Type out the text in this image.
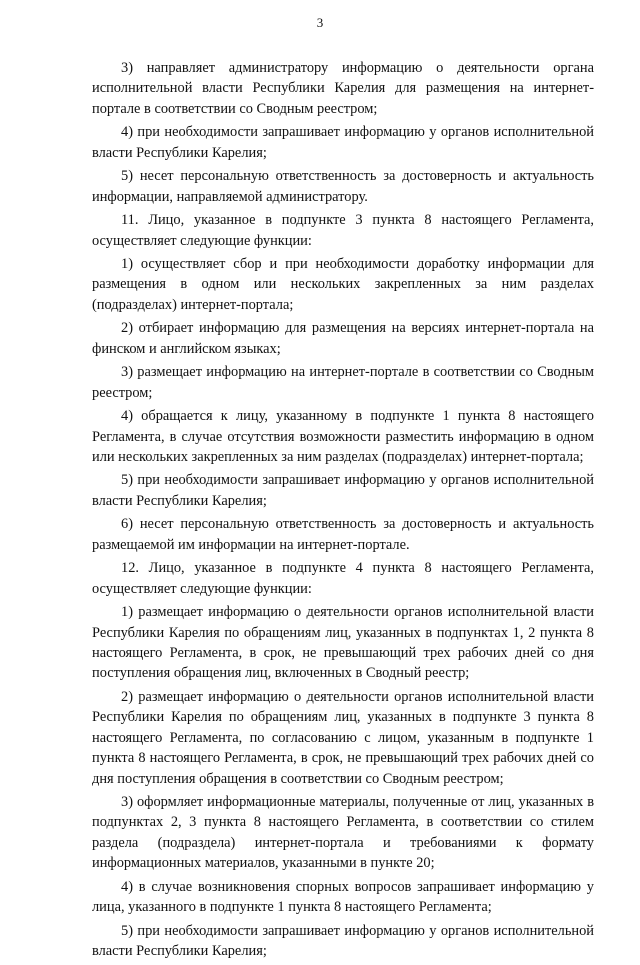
3

3) направляет администратору информацию о деятельности органа исполнительной власти Республики Карелия для размещения на интернет-портале в соответствии со Сводным реестром;

4) при необходимости запрашивает информацию у органов исполнительной власти Республики Карелия;

5) несет персональную ответственность за достоверность и актуальность информации, направляемой администратору.

11. Лицо, указанное в подпункте 3 пункта 8 настоящего Регламента, осуществляет следующие функции:

1) осуществляет сбор и при необходимости доработку информации для размещения в одном или нескольких закрепленных за ним разделах (подразделах) интернет-портала;

2) отбирает информацию для размещения на версиях интернет-портала на финском и английском языках;

3) размещает информацию на интернет-портале в соответствии со Сводным реестром;

4) обращается к лицу, указанному в подпункте 1 пункта 8 настоящего Регламента, в случае отсутствия возможности разместить информацию в одном или нескольких закрепленных за ним разделах (подразделах) интернет-портала;

5) при необходимости запрашивает информацию у органов исполнительной власти Республики Карелия;

6) несет персональную ответственность за достоверность и актуальность размещаемой им информации на интернет-портале.

12. Лицо, указанное в подпункте 4 пункта 8 настоящего Регламента, осуществляет следующие функции:

1) размещает информацию о деятельности органов исполнительной власти Республики Карелия по обращениям лиц, указанных в подпунктах 1, 2 пункта 8 настоящего Регламента, в срок, не превышающий трех рабочих дней со дня поступления обращения лиц, включенных в Сводный реестр;

2) размещает информацию о деятельности органов исполнительной власти Республики Карелия по обращениям лиц, указанных в подпункте 3 пункта 8 настоящего Регламента, по согласованию с лицом, указанным в подпункте 1 пункта 8 настоящего Регламента, в срок, не превышающий трех рабочих дней со дня поступления обращения в соответствии со Сводным реестром;

3) оформляет информационные материалы, полученные от лиц, указанных в подпунктах 2, 3 пункта 8 настоящего Регламента, в соответствии со стилем раздела (подраздела) интернет-портала и требованиями к формату информационных материалов, указанными в пункте 20;

4) в случае возникновения спорных вопросов запрашивает информацию у лица, указанного в подпункте 1 пункта 8 настоящего Регламента;

5) при необходимости запрашивает информацию у органов исполнительной власти Республики Карелия;
